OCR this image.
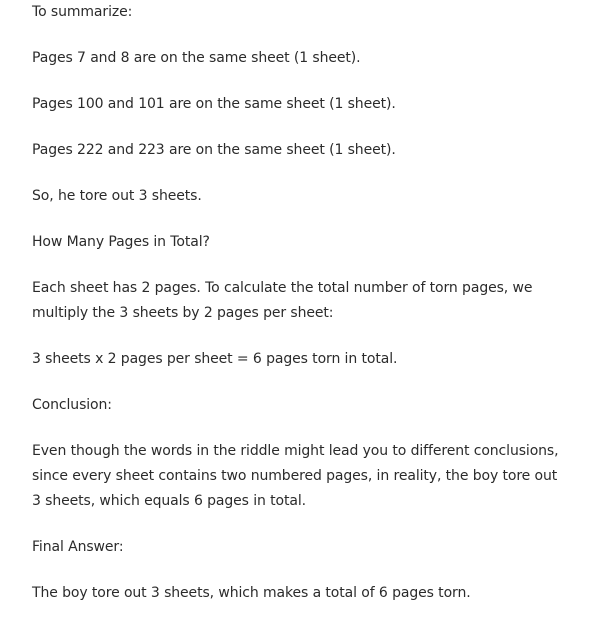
To summarize:

Pages 7 and 8 are on the same sheet (1 sheet).

Pages 100 and 101 are on the same sheet (1 sheet).

Pages 222 and 223 are on the same sheet (1 sheet).

So, he tore out 3 sheets.

How Many Pages in Total?

Each sheet has 2 pages. To calculate the total number of torn pages, we multiply the 3 sheets by 2 pages per sheet:

3 sheets x 2 pages per sheet = 6 pages torn in total.

Conclusion:

Even though the words in the riddle might lead you to different conclusions, since every sheet contains two numbered pages, in reality, the boy tore out 3 sheets, which equals 6 pages in total.

Final Answer:

The boy tore out 3 sheets, which makes a total of 6 pages torn.
